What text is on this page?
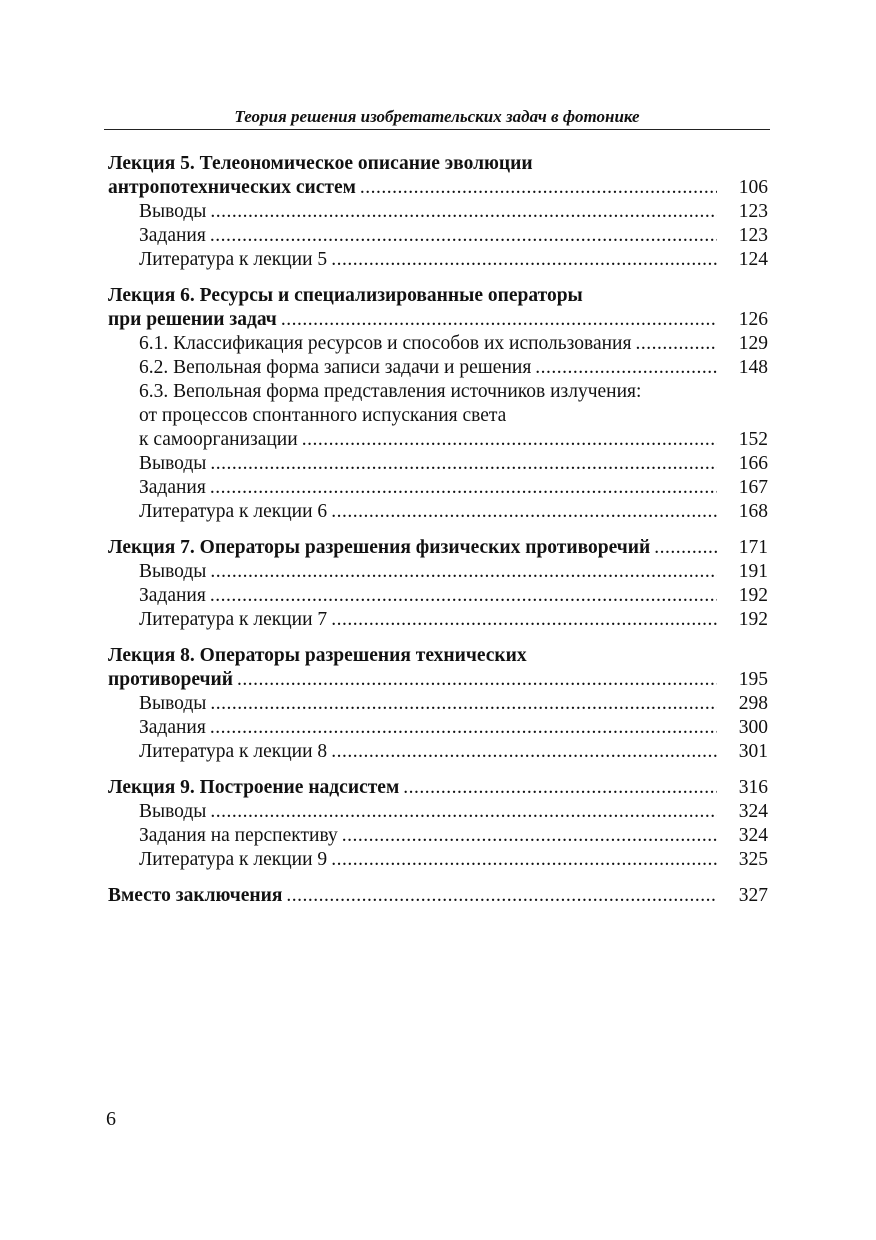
Теория решения изобретательских задач в фотонике
Лекция 5. Телеономическое описание эволюции
антропотехнических систем .....	106
Выводы .....	123
Задания .....	123
Литература к лекции 5 .....	124
Лекция 6. Ресурсы и специализированные операторы
при решении задач .....	126
6.1. Классификация ресурсов и способов их использования .....	129
6.2. Вепольная форма записи задачи и решения .....	148
6.3. Вепольная форма представления источников излучения:
от процессов спонтанного испускания света
к самоорганизации .....	152
Выводы .....	166
Задания .....	167
Литература к лекции 6 .....	168
Лекция 7. Операторы разрешения физических противоречий .....	171
Выводы .....	191
Задания .....	192
Литература к лекции 7 .....	192
Лекция 8. Операторы разрешения технических
противоречий .....	195
Выводы .....	298
Задания .....	300
Литература к лекции 8 .....	301
Лекция 9. Построение надсистем .....	316
Выводы .....	324
Задания на перспективу .....	324
Литература к лекции 9 .....	325
Вместо заключения .....	327
6
